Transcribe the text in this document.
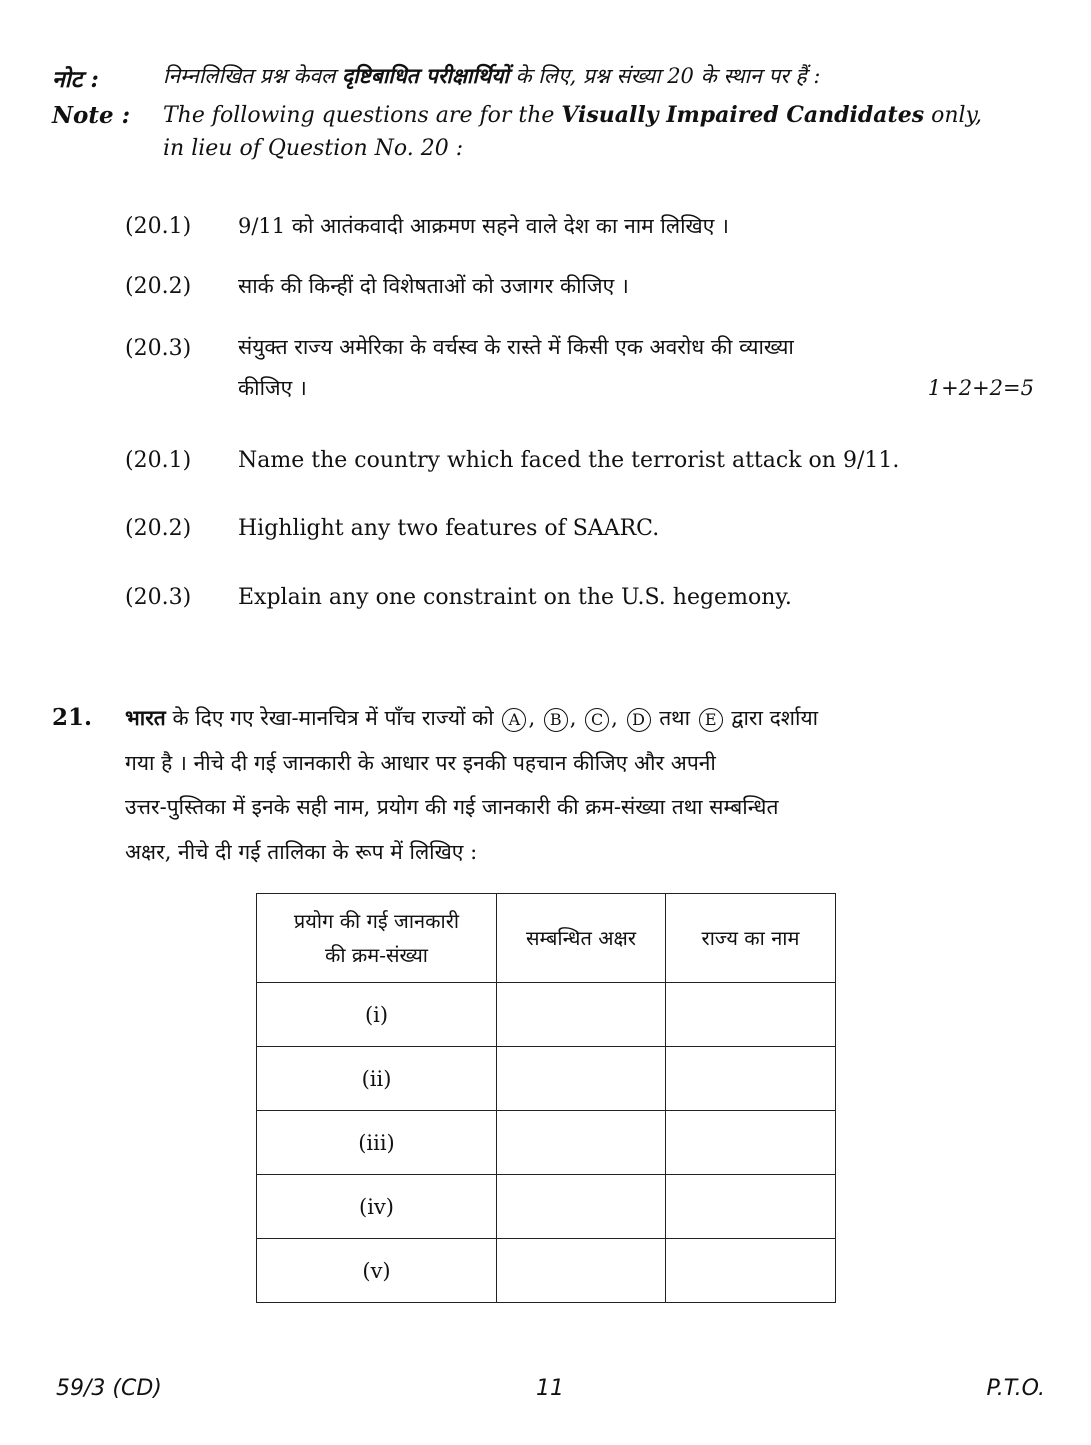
नोट :	निम्नलिखित प्रश्न केवल दृष्टिबाधित परीक्षार्थियों के लिए, प्रश्न संख्या 20 के स्थान पर हैं :
Note : The following questions are for the Visually Impaired Candidates only,
in lieu of Question No. 20 :
(20.1) 9/11 को आतंकवादी आक्रमण सहने वाले देश का नाम लिखिए ।
(20.2) सार्क की किन्हीं दो विशेषताओं को उजागर कीजिए ।
(20.3) संयुक्त राज्य अमेरिका के वर्चस्व के रास्ते में किसी एक अवरोध की व्याख्या
कीजिए ।	1+2+2=5
(20.1) Name the country which faced the terrorist attack on 9/11.
(20.2) Highlight any two features of SAARC.
(20.3) Explain any one constraint on the U.S. hegemony.
21. भारत के दिए गए रेखा-मानचित्र में पाँच राज्यों को A , B , C , D तथा E द्वारा दर्शाया
गया है । नीचे दी गई जानकारी के आधार पर इनकी पहचान कीजिए और अपनी
उत्तर-पुस्तिका में इनके सही नाम, प्रयोग की गई जानकारी की क्रम-संख्या तथा सम्बन्धित
अक्षर, नीचे दी गई तालिका के रूप में लिखिए :
प्रयोग की गई जानकारी
की क्रम-संख्या	सम्बन्धित अक्षर	राज्य का नाम
(i)		
(ii)		
(iii)		
(iv)		
(v)		
59/3 (CD)	11	P.T.O.
